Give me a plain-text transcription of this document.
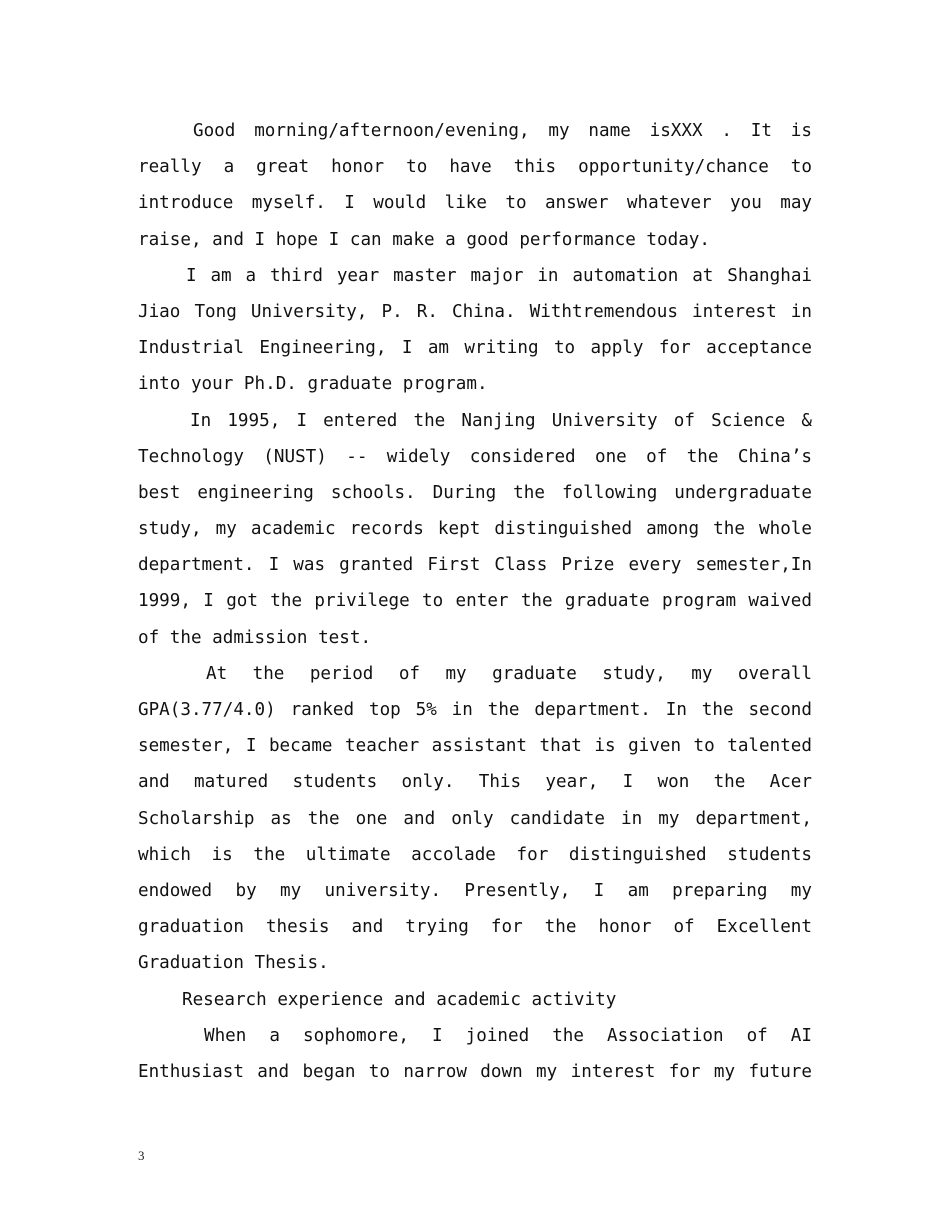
Good morning/afternoon/evening, my name isXXX . It is
really a great honor to have this opportunity/chance to
introduce myself. I would like to answer whatever you may
raise, and I hope I can make a good performance today.
I am a third year master major in automation at Shanghai
Jiao Tong University, P. R. China. Withtremendous interest in
Industrial Engineering, I am writing to apply for acceptance
into your Ph.D. graduate program.
In 1995, I entered the Nanjing University of Science &
Technology (NUST) -- widely considered one of the China’s
best engineering schools. During the following undergraduate
study, my academic records kept distinguished among the whole
department. I was granted First Class Prize every semester,In
1999, I got the privilege to enter the graduate program waived
of the admission test.
At the period of my graduate study, my overall
GPA(3.77/4.0) ranked top 5% in the department. In the second
semester, I became teacher assistant that is given to talented
and matured students only. This year, I won the Acer
Scholarship as the one and only candidate in my department,
which is the ultimate accolade for distinguished students
endowed by my university. Presently, I am preparing my
graduation thesis and trying for the honor of Excellent
Graduation Thesis.
Research experience and academic activity
When a sophomore, I joined the Association of AI
Enthusiast and began to narrow down my interest for my future
3
